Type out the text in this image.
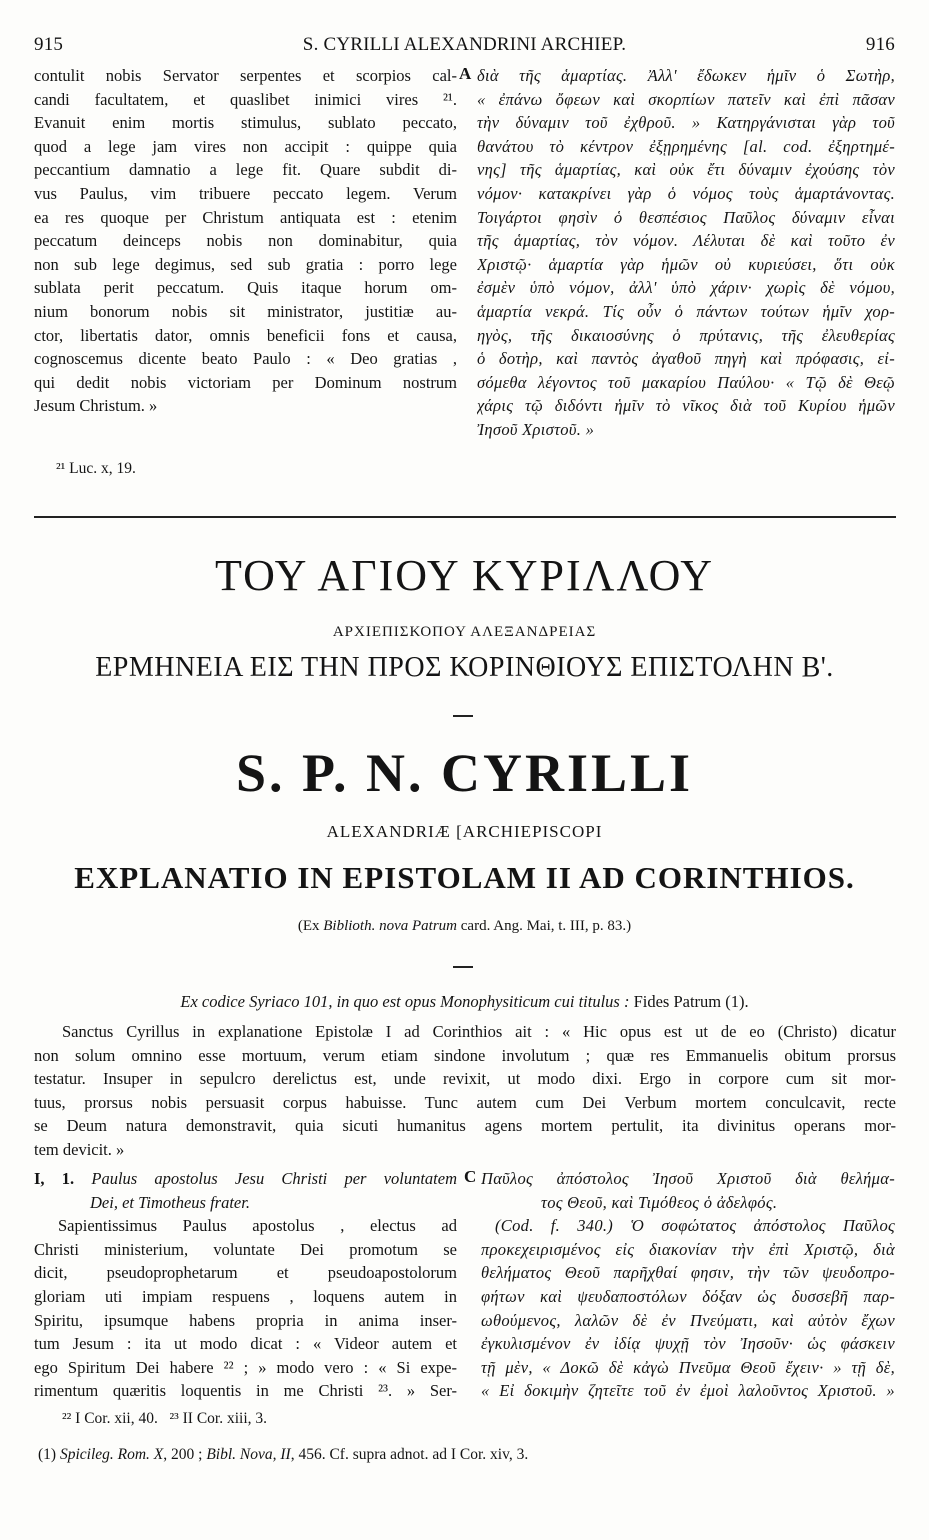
915	S. CYRILLI ALEXANDRINI ARCHIEP.	916
contulit nobis Servator serpentes et scorpios cal-
candi facultatem, et quaslibet inimici vires ²¹.
Evanuit enim mortis stimulus, sublato peccato,
quod a lege jam vires non accipit : quippe quia
peccantium damnatio a lege fit. Quare subdit di-
vus Paulus, vim tribuere peccato legem. Verum
ea res quoque per Christum antiquata est : etenim
peccatum deinceps nobis non dominabitur, quia
non sub lege degimus, sed sub gratia : porro lege
sublata perit peccatum. Quis itaque horum om-
nium bonorum nobis sit ministrator, justitiæ au-
ctor, libertatis dator, omnis beneficii fons et causa,
cognoscemus dicente beato Paulo : « Deo gratias ,
qui dedit nobis victoriam per Dominum nostrum
Jesum Christum. »
A διὰ τῆς ἁμαρτίας. Ἀλλ' ἔδωκεν ἡμῖν ὁ Σωτὴρ,
« ἐπάνω ὄφεων καὶ σκορπίων πατεῖν καὶ ἐπὶ πᾶσαν
τὴν δύναμιν τοῦ ἐχθροῦ. » Κατηργάνισται γὰρ τοῦ
θανάτου τὸ κέντρον ἐξῃρημένης [al. cod. ἐξηρτημέ-
νης] τῆς ἁμαρτίας, καὶ οὐκ ἔτι δύναμιν ἐχούσης τὸν
νόμον· κατακρίνει γὰρ ὁ νόμος τοὺς ἁμαρτάνοντας.
Τοιγάρτοι φησὶν ὁ θεσπέσιος Παῦλος δύναμιν εἶναι
τῆς ἁμαρτίας, τὸν νόμον. Λέλυται δὲ καὶ τοῦτο ἐν
Χριστῷ· ἁμαρτία γὰρ ἡμῶν οὐ κυριεύσει, ὅτι οὐκ
ἐσμὲν ὑπὸ νόμον, ἀλλ' ὑπὸ χάριν· χωρὶς δὲ νόμου,
ἁμαρτία νεκρά. Τίς οὖν ὁ πάντων τούτων ἡμῖν χορ-
ηγὸς, τῆς δικαιοσύνης ὁ πρύτανις, τῆς ἐλευθερίας
ὁ δοτὴρ, καὶ παντὸς ἀγαθοῦ πηγὴ καὶ πρόφασις, εἰ-
σόμεθα λέγοντος τοῦ μακαρίου Παύλου· « Τῷ δὲ Θεῷ
χάρις τῷ διδόντι ἡμῖν τὸ νῖκος διὰ τοῦ Κυρίου ἡμῶν
Ἰησοῦ Χριστοῦ. »
²¹ Luc. x, 19.
ΤΟΥ ΑΓΙΟΥ ΚΥΡΙΛΛΟΥ
ΑΡΧΙΕΠΙΣΚΟΠΟΥ ΑΛΕΞΑΝΔΡΕΙΑΣ
ΕΡΜΗΝΕΙΑ ΕΙΣ ΤΗΝ ΠΡΟΣ ΚΟΡΙΝΘΙΟΥΣ ΕΠΙΣΤΟΛΗΝ Β'.
S. P. N. CYRILLI
ALEXANDRIÆ [ARCHIEPISCOPI
EXPLANATIO IN EPISTOLAM II AD CORINTHIOS.
(Ex Biblioth. nova Patrum card. Ang. Mai, t. III, p. 83.)
Ex codice Syriaco 101, in quo est opus Monophysiticum cui titulus : Fides Patrum (1).
Sanctus Cyrillus in explanatione Epistolæ I ad Corinthios ait : « Hic opus est ut de eo (Christo) dicatur
non solum omnino esse mortuum, verum etiam sindone involutum ; quæ res Emmanuelis obitum prorsus
testatur. Insuper in sepulcro derelictus est, unde revixit, ut modo dixi. Ergo in corpore cum sit mor-
tuus, prorsus nobis persuasit corpus habuisse. Tunc autem cum Dei Verbum mortem conculcavit, recte
se Deum natura demonstravit, quia sicuti humanitus agens mortem pertulit, ita divinitus operans mor-
tem devicit. »
I, 1. Paulus apostolus Jesu Christi per voluntatem
Dei, et Timotheus frater.
Sapientissimus Paulus apostolus , electus ad
Christi ministerium, voluntate Dei promotum se
dicit, pseudoprophetarum et pseudoapostolorum
gloriam uti impiam respuens , loquens autem in
Spiritu, ipsumque habens propria in anima inser-
tum Jesum : ita ut modo dicat : « Videor autem et
ego Spiritum Dei habere ²² ; » modo vero : « Si expe-
rimentum quæritis loquentis in me Christi ²³. » Ser-
C Παῦλος ἀπόστολος Ἰησοῦ Χριστοῦ διὰ θελήμα-
τος Θεοῦ, καὶ Τιμόθεος ὁ ἀδελφός.
(Cod. f. 340.) Ὁ σοφώτατος ἀπόστολος Παῦλος
προκεχειρισμένος εἰς διακονίαν τὴν ἐπὶ Χριστῷ, διὰ
θελήματος Θεοῦ παρῆχθαί φησιν, τὴν τῶν ψευδοπρο-
φήτων καὶ ψευδαποστόλων δόξαν ὡς δυσσεβῆ παρ-
ωθούμενος, λαλῶν δὲ ἐν Πνεύματι, καὶ αὐτὸν ἔχων
ἐγκυλισμένον ἐν ἰδίᾳ ψυχῇ τὸν Ἰησοῦν· ὡς φάσκειν
τῇ μὲν, « Δοκῶ δὲ κἀγὼ Πνεῦμα Θεοῦ ἔχειν· » τῇ δὲ,
« Εἰ δοκιμὴν ζητεῖτε τοῦ ἐν ἐμοὶ λαλοῦντος Χριστοῦ. »
²² I Cor. xii, 40.   ²³ II Cor. xiii, 3.
(1) Spicileg. Rom. X, 200 ; Bibl. Nova, II, 456. Cf. supra adnot. ad I Cor. xiv, 3.
